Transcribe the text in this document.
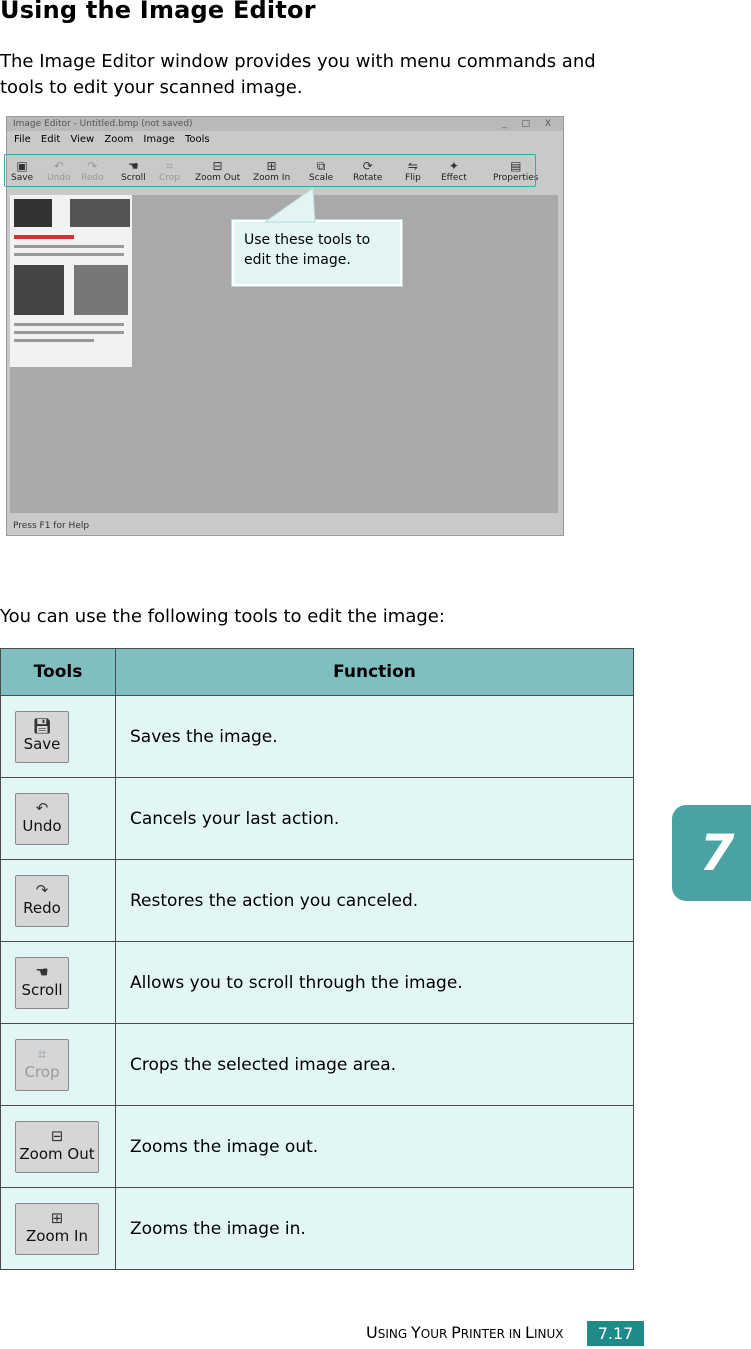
Using the Image Editor

The Image Editor window provides you with menu commands and tools to edit your scanned image.

Image Editor - Untitled.bmp (not saved)	_ □ X
File Edit View Zoom Image Tools
▣
Save
↶
Undo
↷
Redo
☚
Scroll
⌗
Crop
⊟
Zoom Out
⊞
Zoom In
⧉
Scale
⟳
Rotate
⇋
Flip
✦
Effect
▤
Properties
Press F1 for Help
Use these tools to edit the image.

You can use the following tools to edit the image:

Tools	Function

💾︎
Save	Saves the image.

↶
Undo	Cancels your last action.

↷
Redo	Restores the action you canceled.

☚
Scroll	Allows you to scroll through the image.

⌗
Crop	Crops the selected image area.

⊟
Zoom Out	Zooms the image out.

⊞
Zoom In	Zooms the image in.
7
USING YOUR PRINTER IN LINUX	7.17
